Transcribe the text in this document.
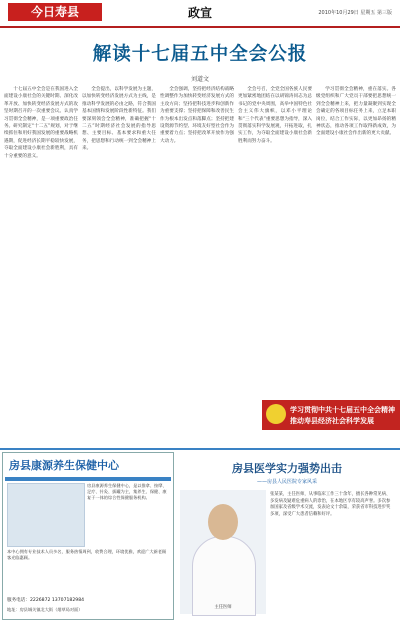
今日寿县	政宣	2010年10月29日 星期五 第三版
解读十七届五中全会公报
刘道文

十七届五中全会是在我国进入全面建设小康社会的关键时期、深化改革开放、加快转变经济发展方式的攻坚时期召开的一次重要会议。认真学习贯彻全会精神，是一项重要政治任务。研究制定“十二五”规划，对于继续抓住和用好我国发展的重要战略机遇期，促进经济长期平稳较快发展，夺取全面建设小康社会新胜利，具有十分重要的意义。

全会提出，以科学发展为主题，以加快转变经济发展方式为主线，是推动科学发展的必由之路，符合我国基本国情和发展阶段性新特征。我们要深刻领会全会精神，准确把握“十二五”时期经济社会发展的指导思想、主要目标、基本要求和重大任务，把思想和行动统一到全会精神上来。

全会强调，坚持把经济结构战略性调整作为加快转变经济发展方式的主攻方向；坚持把科技进步和创新作为重要支撑；坚持把保障和改善民生作为根本出发点和落脚点；坚持把建设资源节约型、环境友好型社会作为重要着力点；坚持把改革开放作为强大动力。

全会号召，全党全国各族人民要更加紧密地团结在以胡锦涛同志为总书记的党中央周围，高举中国特色社会主义伟大旗帜，以邓小平理论和“三个代表”重要思想为指导，深入贯彻落实科学发展观，开拓进取，扎实工作，为夺取全面建设小康社会新胜利而努力奋斗。

学习贯彻全会精神，重在落实。各级党组织和广大党员干部要把思想统一到全会精神上来，把力量凝聚到实现全会确定的各项目标任务上来，立足本职岗位，结合工作实际，以更加昂扬的精神状态，推动各项工作取得新成效，为全面建设小康社会作出新的更大贡献。

学习贯彻中共十七届五中全会精神
推动寿县经济社会科学发展
房县康源养生保健中心
房县康源养生保健中心，是以推拿、按摩、足疗、针灸、拔罐为主，集养生、保健、康复于一体的综合性保健服务机构。
本中心拥有专业技术人员多名，服务热情周到，收费合理，环境优雅，欢迎广大新老顾客光临惠顾。
服务电话：2226872 13707182984
地址：房县城关镇北大街（烟草局对面）
房县医学实力强势出击
——房县人民医院专家风采
张某某，主任医师，从事临床工作三十余年，擅长各种常见病、多发病及疑难危重病人的诊治，在本地区享有较高声誉。多次参加国家及省级学术交流，发表论文十余篇，荣获省市科技进步奖多项，深受广大患者信赖和好评。
主任医师
